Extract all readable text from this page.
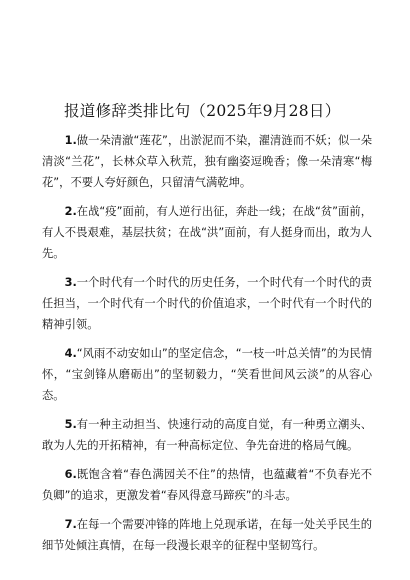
报道修辞类排比句（2025年9月28日）

1.做一朵清澈“莲花”，出淤泥而不染，濯清涟而不妖；似一朵清淡“兰花”，长林众草入秋荒，独有幽姿逗晚香；像一朵清寒“梅花”，不要人夸好颜色，只留清气满乾坤。

2.在战“疫”面前，有人逆行出征，奔赴一线；在战“贫”面前，有人不畏艰难，基层扶贫；在战“洪”面前，有人挺身而出，敢为人先。

3.一个时代有一个时代的历史任务，一个时代有一个时代的责任担当，一个时代有一个时代的价值追求，一个时代有一个时代的精神引领。

4.“风雨不动安如山”的坚定信念，“一枝一叶总关情”的为民情怀，“宝剑锋从磨砺出”的坚韧毅力，“笑看世间风云淡”的从容心态。

5.有一种主动担当、快速行动的高度自觉，有一种勇立潮头、敢为人先的开拓精神，有一种高标定位、争先奋进的格局气魄。

6.既饱含着“春色满园关不住”的热情，也蕴藏着“不负春光不负卿”的追求，更激发着“春风得意马蹄疾”的斗志。

7.在每一个需要冲锋的阵地上兑现承诺，在每一处关乎民生的细节处倾注真情，在每一段漫长艰辛的征程中坚韧笃行。
